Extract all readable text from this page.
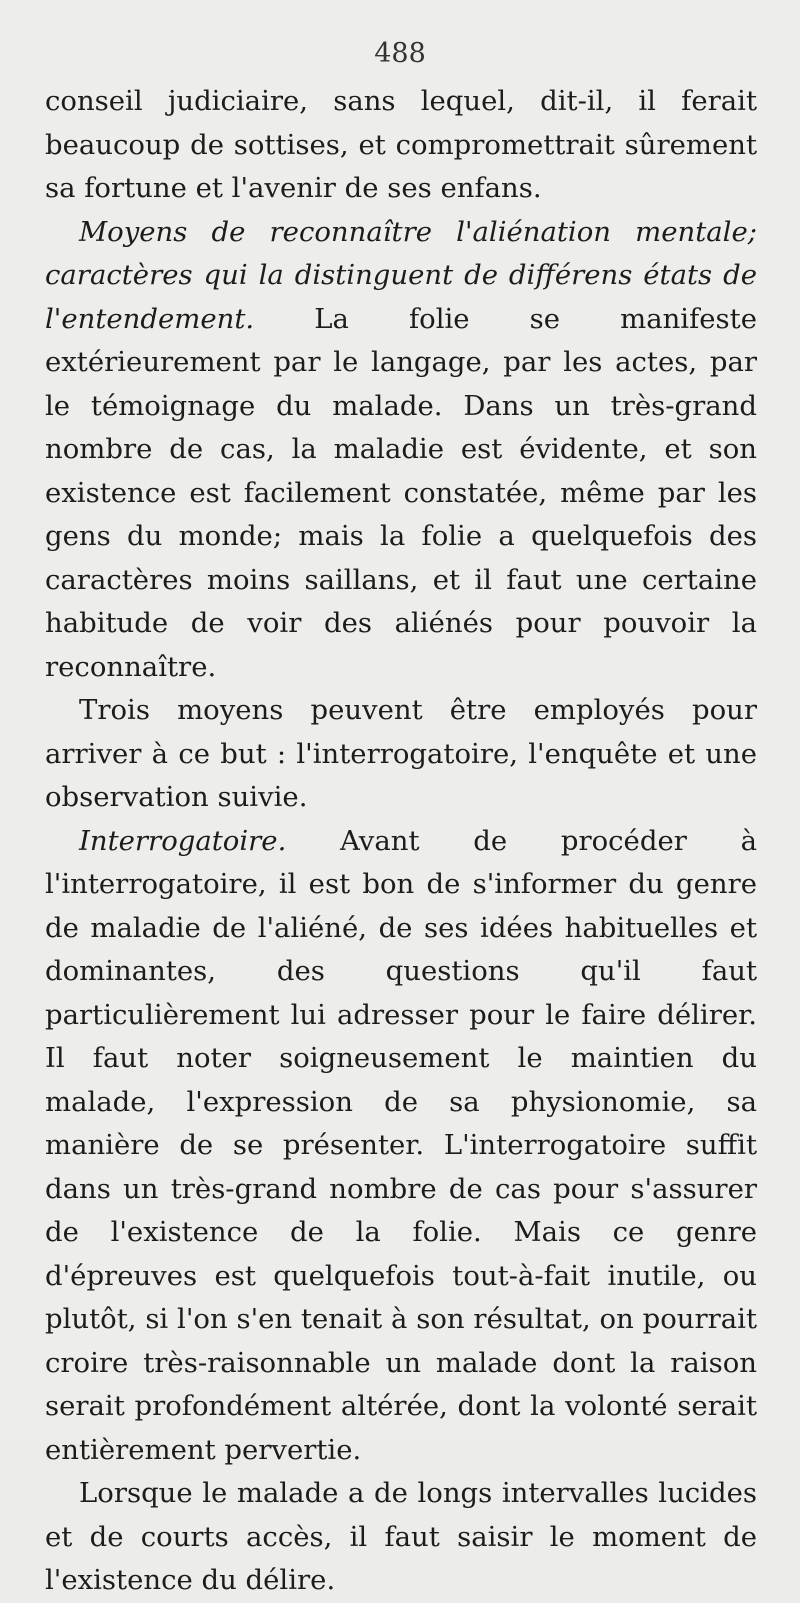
488

conseil judiciaire, sans lequel, dit-il, il ferait beaucoup de sottises, et compromettrait sûrement sa fortune et l'avenir de ses enfans.

Moyens de reconnaître l'aliénation mentale; caractères qui la distinguent de différens états de l'entendement. La folie se manifeste extérieurement par le langage, par les actes, par le témoignage du malade. Dans un très-grand nombre de cas, la maladie est évidente, et son existence est facilement constatée, même par les gens du monde; mais la folie a quelquefois des caractères moins saillans, et il faut une certaine habitude de voir des aliénés pour pouvoir la reconnaître.

Trois moyens peuvent être employés pour arriver à ce but : l'interrogatoire, l'enquête et une observation suivie.

Interrogatoire. Avant de procéder à l'interrogatoire, il est bon de s'informer du genre de maladie de l'aliéné, de ses idées habituelles et dominantes, des questions qu'il faut particulièrement lui adresser pour le faire délirer. Il faut noter soigneusement le maintien du malade, l'expression de sa physionomie, sa manière de se présenter. L'interrogatoire suffit dans un très-grand nombre de cas pour s'assurer de l'existence de la folie. Mais ce genre d'épreuves est quelquefois tout-à-fait inutile, ou plutôt, si l'on s'en tenait à son résultat, on pourrait croire très-raisonnable un malade dont la raison serait profondément altérée, dont la volonté serait entièrement pervertie.

Lorsque le malade a de longs intervalles lucides et de courts accès, il faut saisir le moment de l'existence du délire.
